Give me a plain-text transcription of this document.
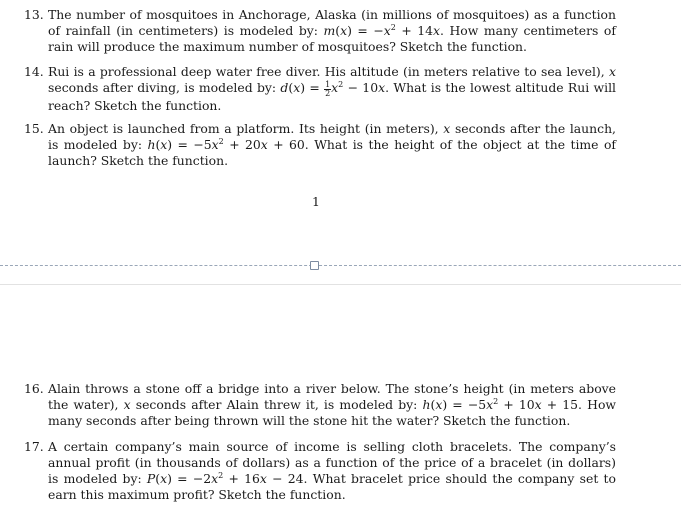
13. The number of mosquitoes in Anchorage, Alaska (in millions of mosquitoes) as a function of rainfall (in centimeters) is modeled by: $m(x) = -x^2 + 14x$. How many centimeters of rain will produce the maximum number of mosquitoes? Sketch the function.
14. Rui is a professional deep water free diver. His altitude (in meters relative to sea level), x seconds after diving, is modeled by: $d(x) = \frac{1}{2} x^2 - 10x$. What is the lowest altitude Rui will reach? Sketch the function.
15. An object is launched from a platform. Its height (in meters), x seconds after the launch, is modeled by: $h(x) = -5x^2 + 20x + 60$. What is the height of the object at the time of launch? Sketch the function.
1
16. Alain throws a stone off a bridge into a river below. The stone’s height (in meters above the water), x seconds after Alain threw it, is modeled by: $h(x) = -5x^2 + 10x + 15$. How many seconds after being thrown will the stone hit the water? Sketch the function.
17. A certain company’s main source of income is selling cloth bracelets. The company’s annual profit (in thousands of dollars) as a function of the price of a bracelet (in dollars) is modeled by: $P(x) = -2x^2 + 16x - 24$. What bracelet price should the company set to earn this maximum profit? Sketch the function.
